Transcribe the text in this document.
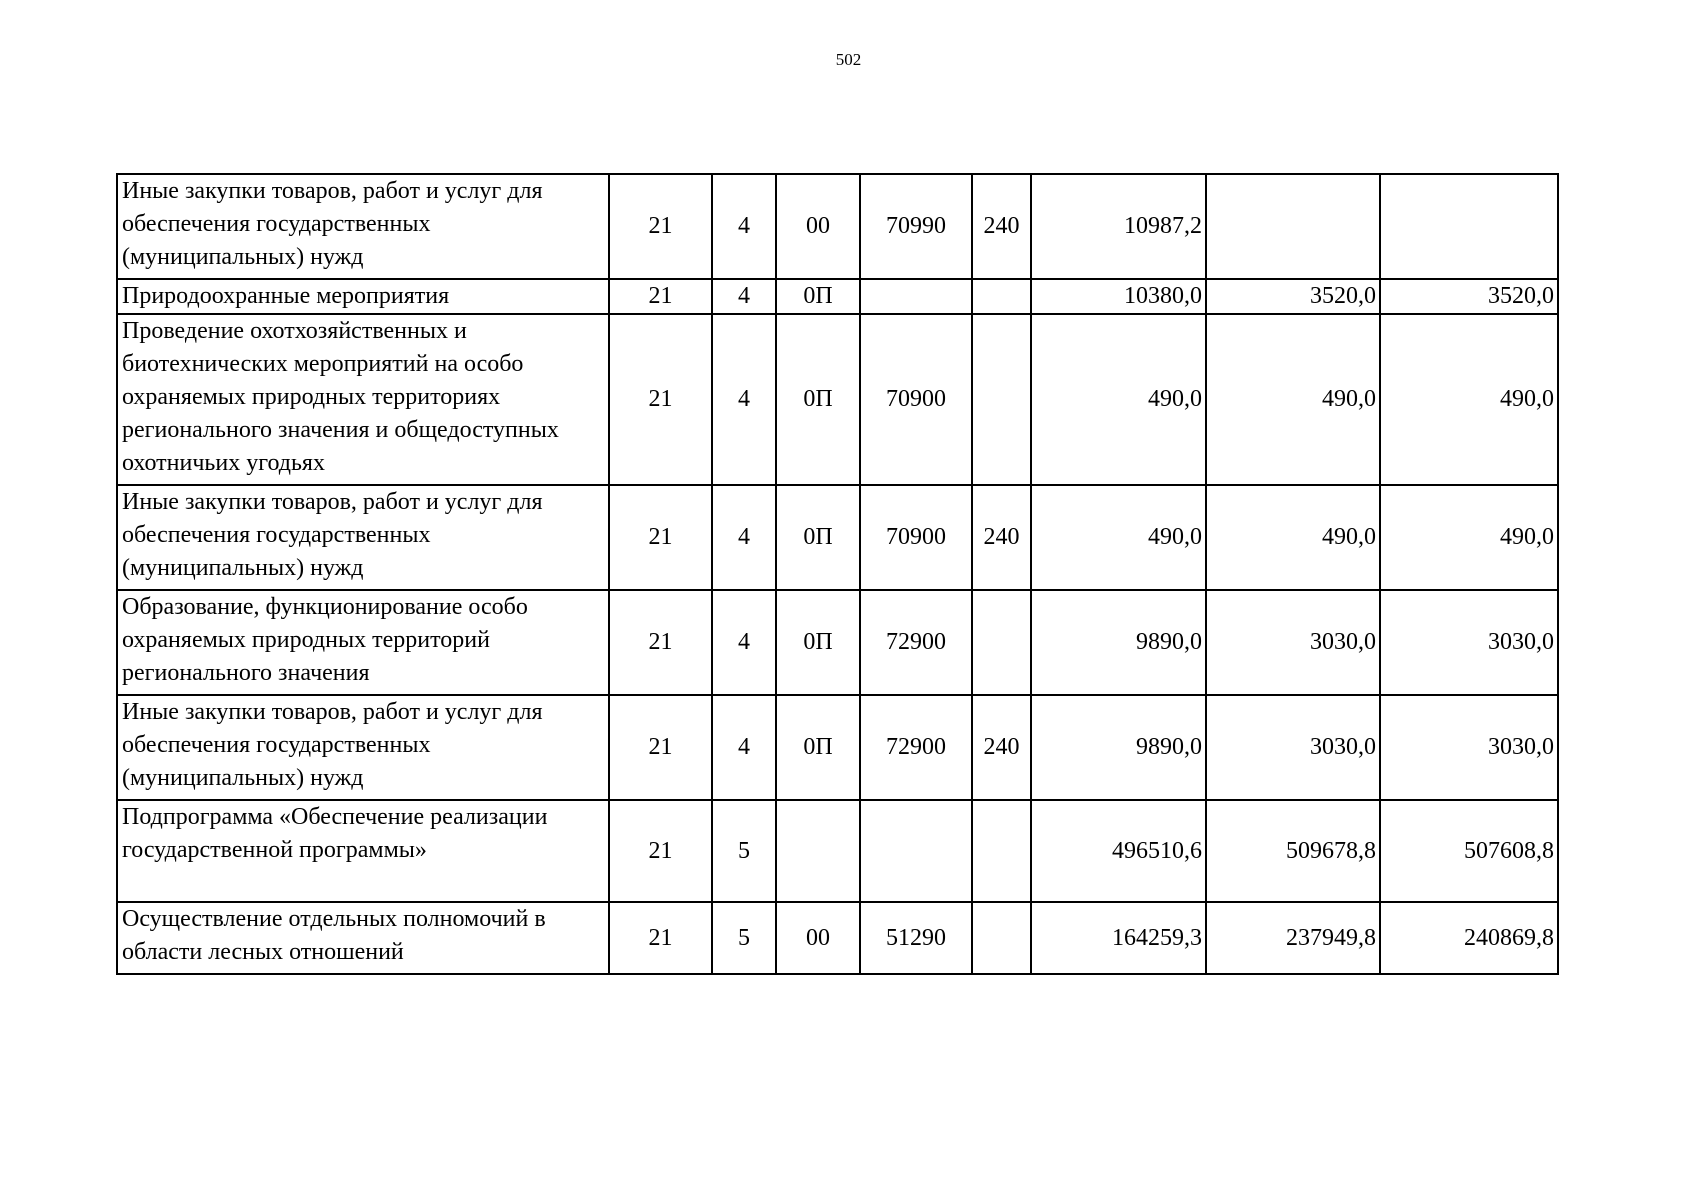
502
Иные закупки товаров, работ и услуг для обеспечения государственных (муниципальных) нужд	21	4	00	70990	240	10987,2		
Природоохранные мероприятия	21	4	0П			10380,0	3520,0	3520,0
Проведение охотхозяйственных и биотехнических мероприятий на особо охраняемых природных территориях регионального значения и общедоступных охотничьих угодьях	21	4	0П	70900		490,0	490,0	490,0
Иные закупки товаров, работ и услуг для обеспечения государственных (муниципальных) нужд	21	4	0П	70900	240	490,0	490,0	490,0
Образование, функционирование особо охраняемых природных территорий регионального значения	21	4	0П	72900		9890,0	3030,0	3030,0
Иные закупки товаров, работ и услуг для обеспечения государственных (муниципальных) нужд	21	4	0П	72900	240	9890,0	3030,0	3030,0
Подпрограмма «Обеспечение реализации государственной программы»	21	5				496510,6	509678,8	507608,8
Осуществление отдельных полномочий в области лесных отношений	21	5	00	51290		164259,3	237949,8	240869,8
